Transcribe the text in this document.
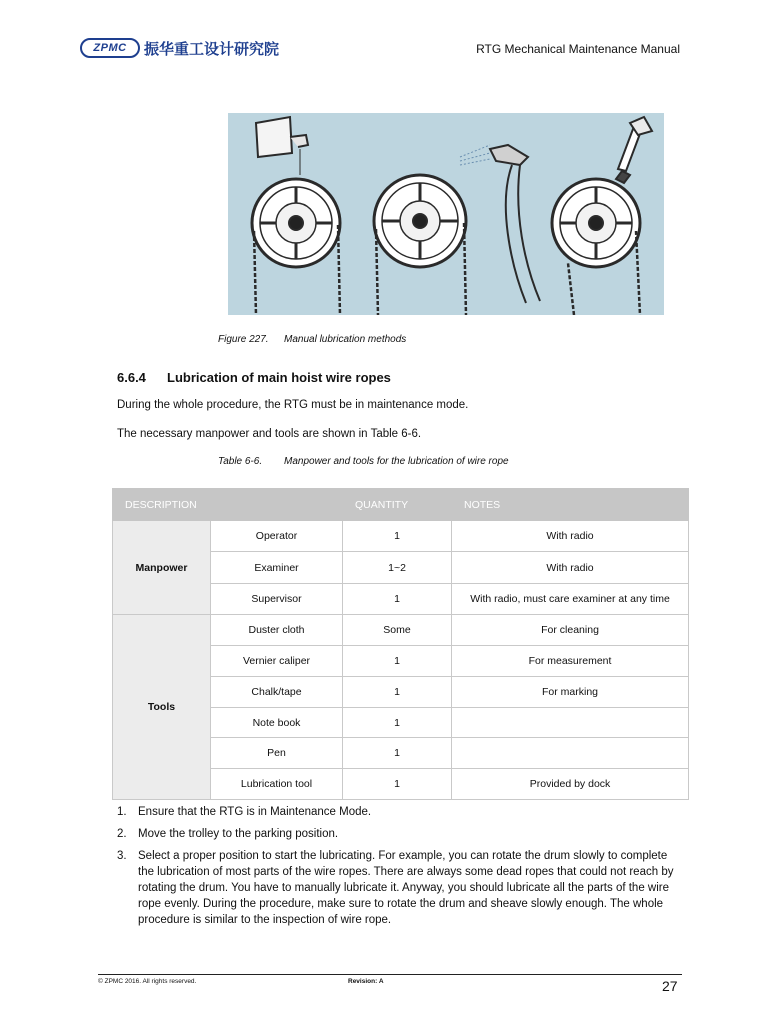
ZPMC	振华重工设计研究院	RTG Mechanical Maintenance Manual
Figure 227. Manual lubrication methods
6.6.4 Lubrication of main hoist wire ropes
During the whole procedure, the RTG must be in maintenance mode.
The necessary manpower and tools are shown in Table 6-6.
Table 6-6. Manpower and tools for the lubrication of wire rope
DESCRIPTION		QUANTITY	NOTES
Manpower	Operator	1	With radio
	Examiner	1~2	With radio
	Supervisor	1	With radio, must care examiner at any time
Tools	Duster cloth	Some	For cleaning
	Vernier caliper	1	For measurement
	Chalk/tape	1	For marking
	Note book	1	
	Pen	1	
	Lubrication tool	1	Provided by dock
1. Ensure that the RTG is in Maintenance Mode.
2. Move the trolley to the parking position.
3. Select a proper position to start the lubricating. For example, you can rotate the drum slowly to complete the lubrication of most parts of the wire ropes. There are always some dead ropes that could not reach by rotating the drum. You have to manually lubricate it. Anyway, you should lubricate all the parts of the wire rope evenly. During the procedure, make sure to rotate the drum and sheave slowly enough. The whole procedure is similar to the inspection of wire rope.
© ZPMC 2016. All rights reserved.	Revision: A	27
